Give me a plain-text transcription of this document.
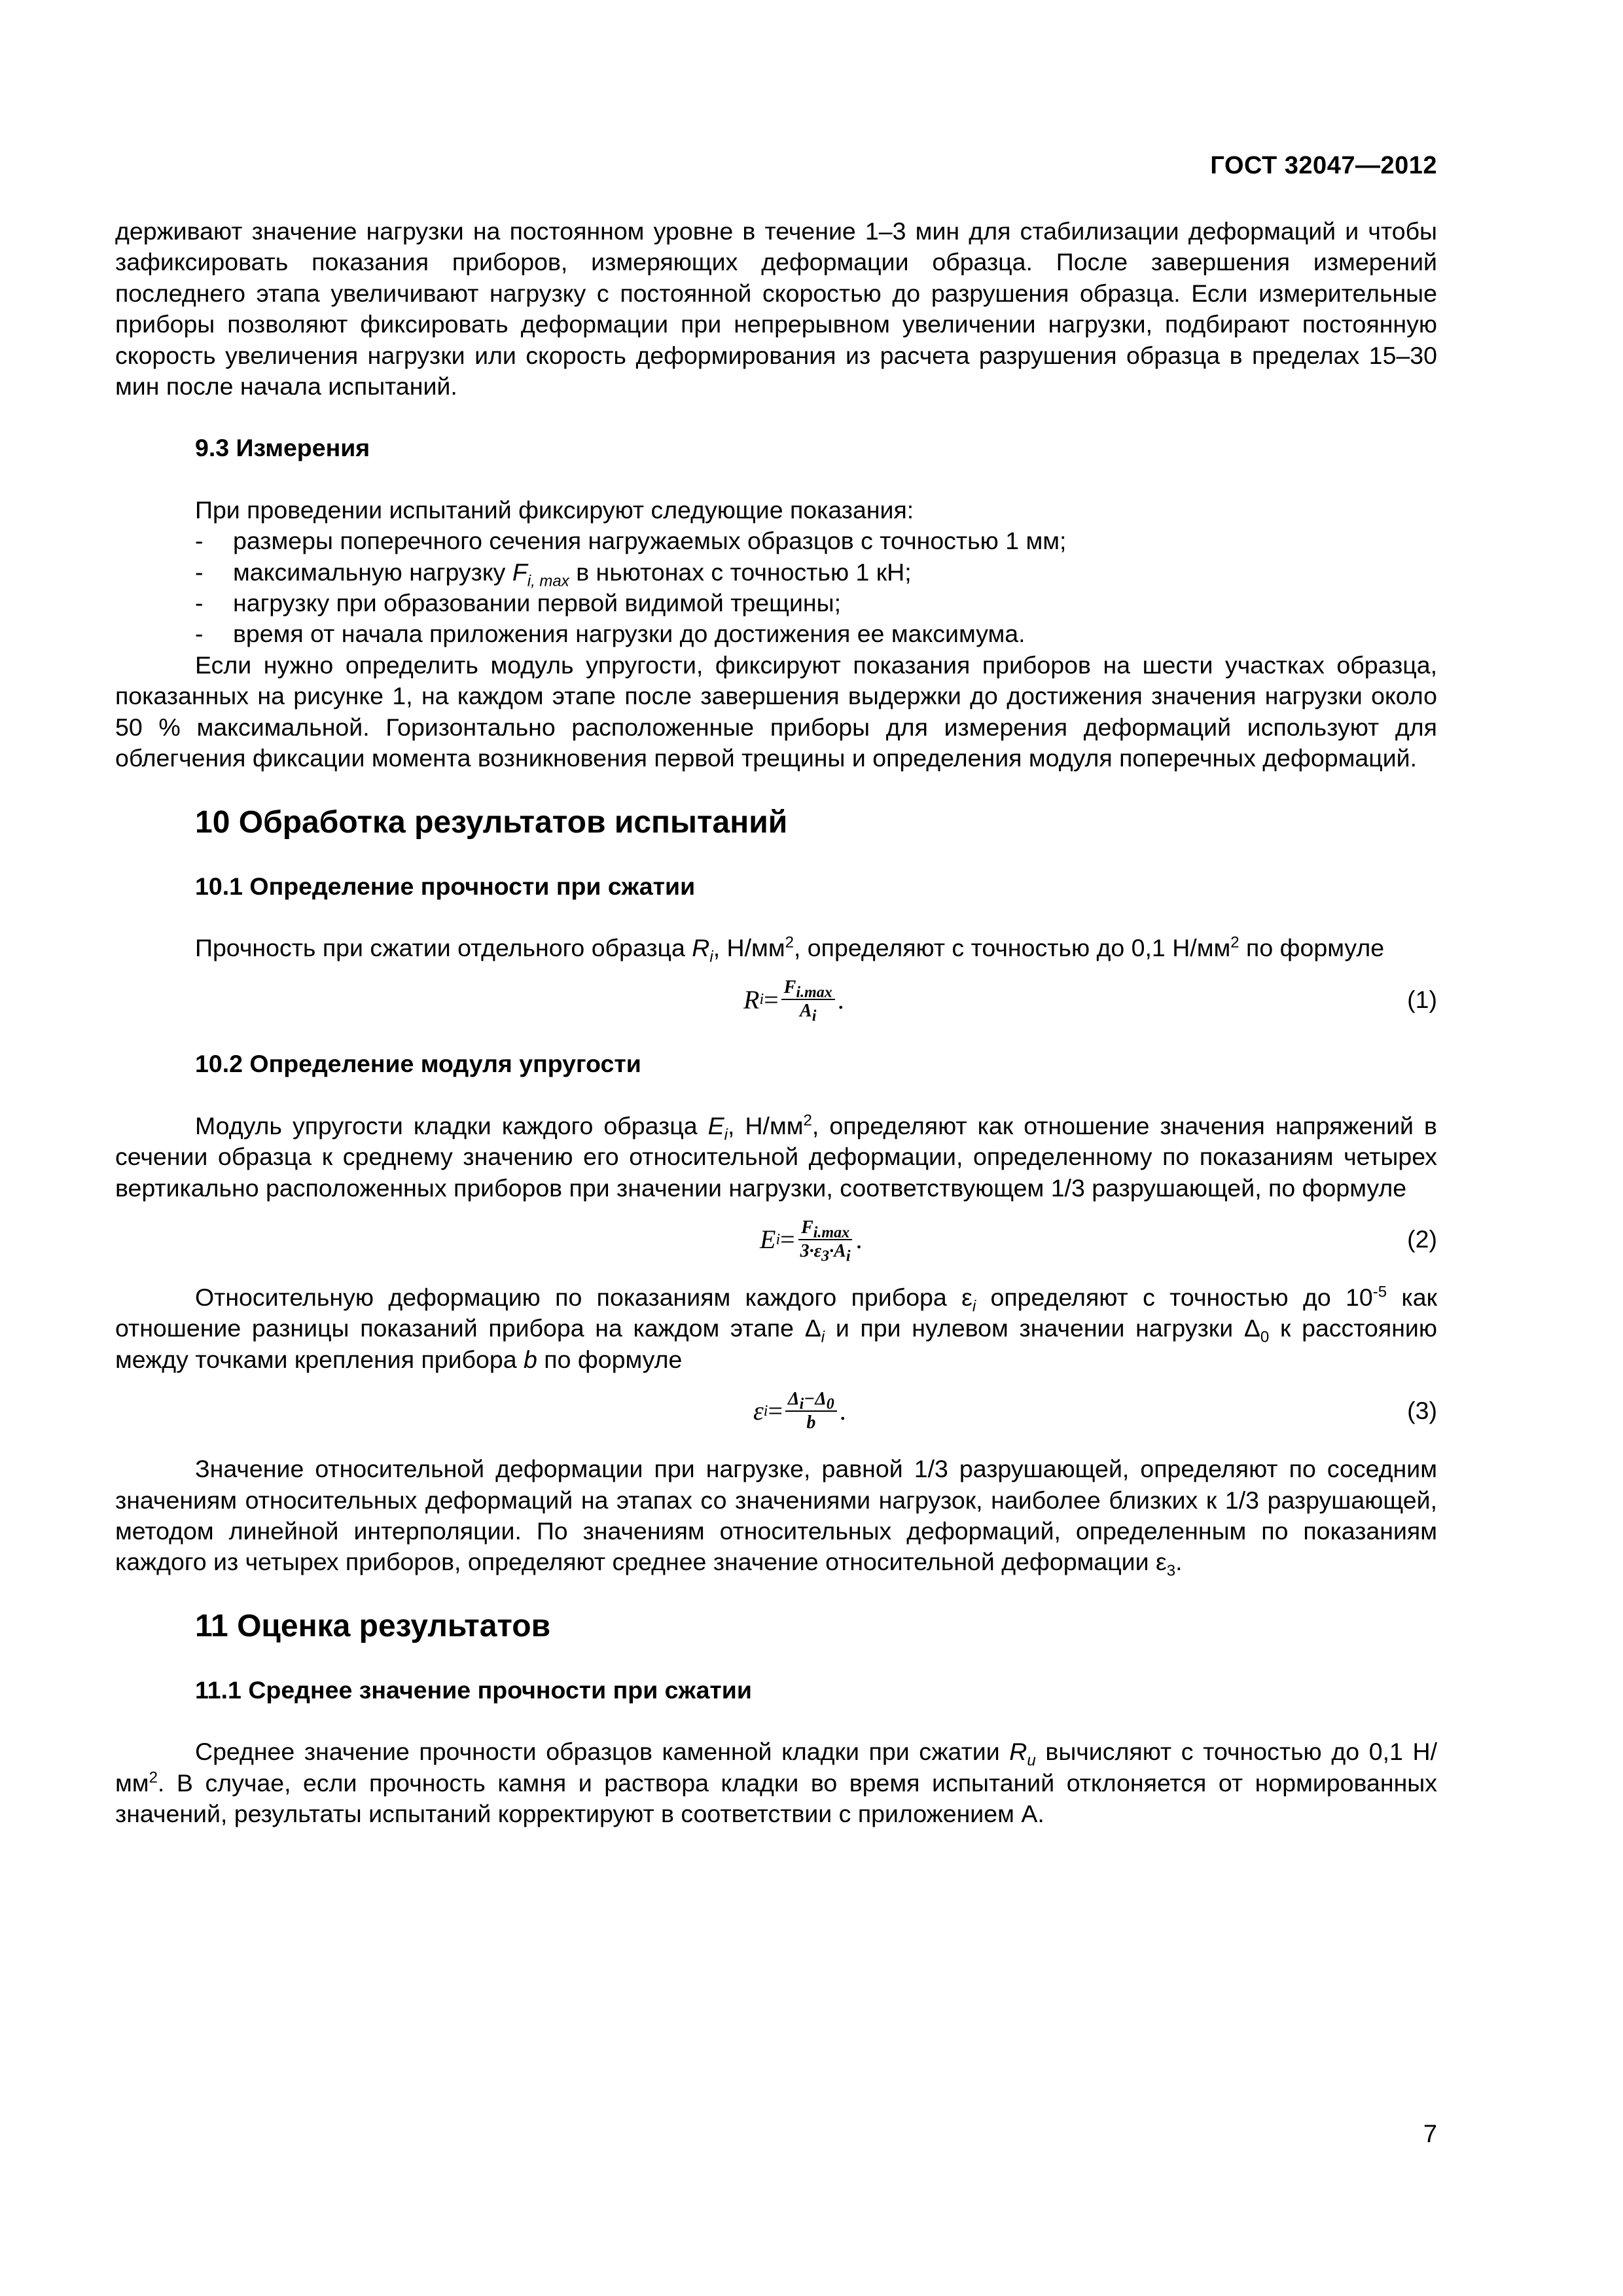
ГОСТ 32047—2012

держивают значение нагрузки на постоянном уровне в течение 1–3 мин для стабилизации деформаций и чтобы зафиксировать показания приборов, измеряющих деформации образца. После завершения измерений последнего этапа увеличивают нагрузку с постоянной скоростью до разрушения образца. Если измерительные приборы позволяют фиксировать деформации при непрерывном увеличении нагрузки, подбирают постоянную скорость увеличения нагрузки или скорость деформирования из расчета разрушения образца в пределах 15–30 мин после начала испытаний.

9.3 Измерения

При проведении испытаний фиксируют следующие показания:

- размеры поперечного сечения нагружаемых образцов с точностью 1 мм;
- максимальную нагрузку $F_{i, max}$ в ньютонах с точностью 1 кН;
- нагрузку при образовании первой видимой трещины;
- время от начала приложения нагрузки до достижения ее максимума.

Если нужно определить модуль упругости, фиксируют показания приборов на шести участках образца, показанных на рисунке 1, на каждом этапе после завершения выдержки до достижения значения нагрузки около 50 % максимальной. Горизонтально расположенные приборы для измерения деформаций используют для облегчения фиксации момента возникновения первой трещины и определения модуля поперечных деформаций.

10 Обработка результатов испытаний
10.1 Определение прочности при сжатии

Прочность при сжатии отдельного образца $R_i$, $Н/мм^2$, определяют с точностью до 0,1 $Н/мм^2$ по формуле

R $i = \frac{F_{i.max}}{A_i}$ .	(1)
10.2 Определение модуля упругости

Модуль упругости кладки каждого образца $E_i$, $Н/мм^2$, определяют как отношение значения напряжений в сечении образца к среднему значению его относительной деформации, определенному по показаниям четырех вертикально расположенных приборов при значении нагрузки, соответствующем 1/3 разрушающей, по формуле

E $i = \frac{F_{i.max}}{3\cdot\varepsilon_3\cdot A_i}$ .	(2)

Относительную деформацию по показаниям каждого прибора $\varepsilon_i$ определяют с точностью до $10^{-5}$ как отношение разницы показаний прибора на каждом этапе $\Delta_i$ и при нулевом значении нагрузки $\Delta_0$ к расстоянию между точками крепления прибора b по формуле

ε $i = \frac{\Delta_i-\Delta_0}{b}$ .	(3)

Значение относительной деформации при нагрузке, равной 1/3 разрушающей, определяют по соседним значениям относительных деформаций на этапах со значениями нагрузок, наиболее близких к 1/3 разрушающей, методом линейной интерполяции. По значениям относительных деформаций, определенным по показаниям каждого из четырех приборов, определяют среднее значение относительной деформации $\varepsilon_3$.

11 Оценка результатов
11.1 Среднее значение прочности при сжатии

Среднее значение прочности образцов каменной кладки при сжатии $R_u$ вычисляют с точностью до 0,1 $Н/мм^2$. В случае, если прочность камня и раствора кладки во время испытаний отклоняется от нормированных значений, результаты испытаний корректируют в соответствии с приложением А.

7
